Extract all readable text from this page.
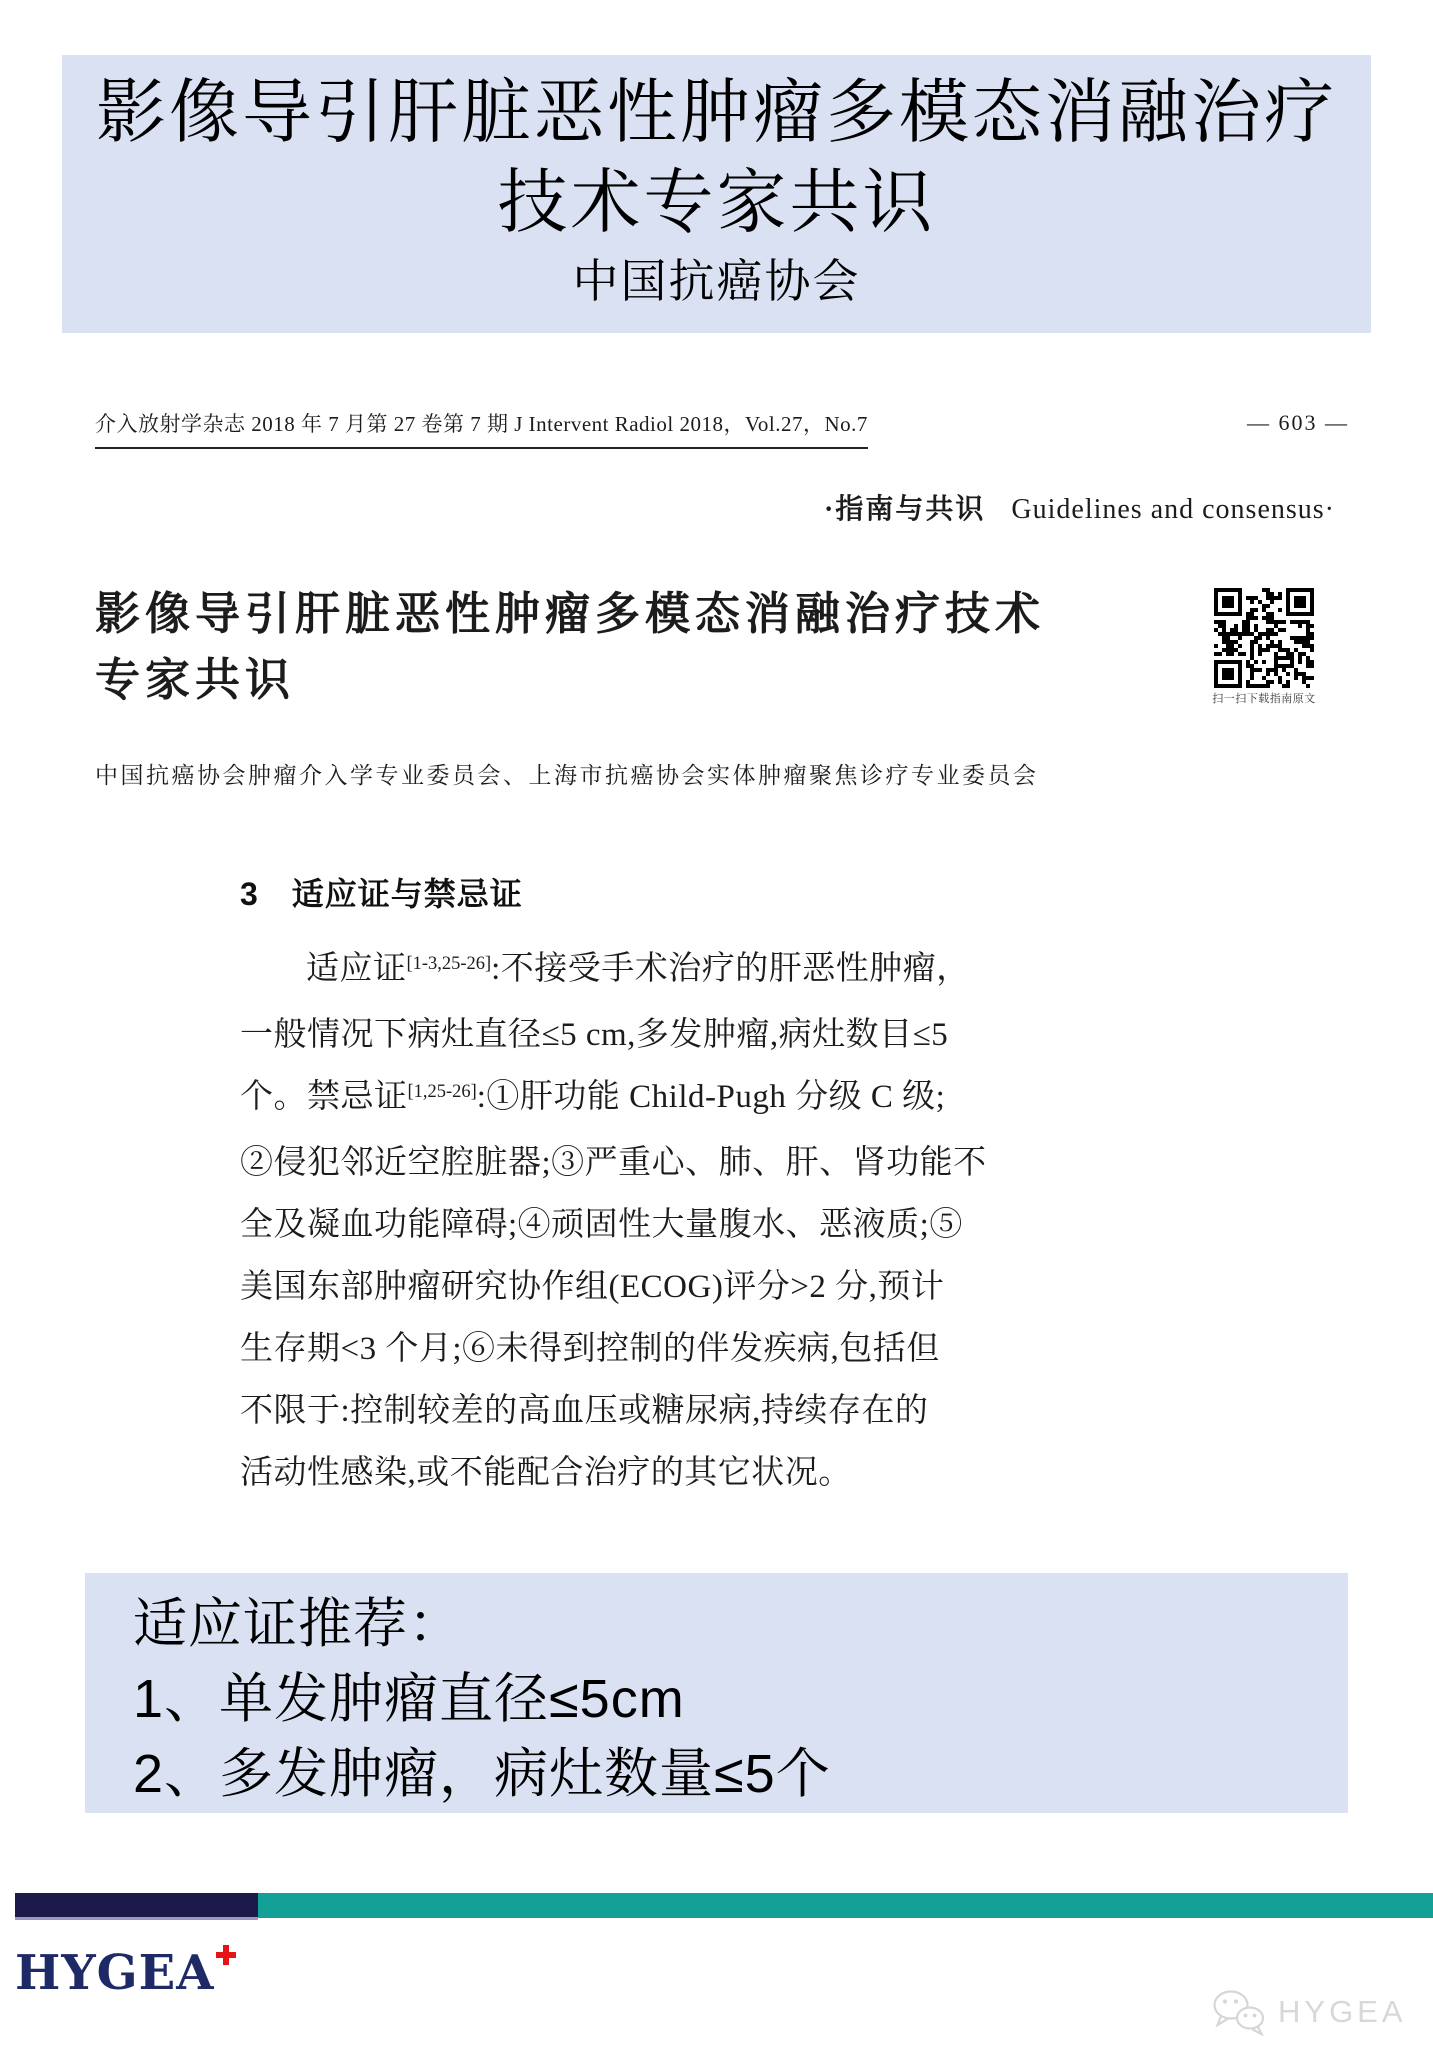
影像导引肝脏恶性肿瘤多模态消融治疗
技术专家共识
中国抗癌协会
介入放射学杂志 2018 年 7 月第 27 卷第 7 期 J Intervent Radiol 2018，Vol.27，No.7	— 603 —
·指南与共识 Guidelines and consensus·
影像导引肝脏恶性肿瘤多模态消融治疗技术
专家共识	扫一扫下载指南原文
中国抗癌协会肿瘤介入学专业委员会、上海市抗癌协会实体肿瘤聚焦诊疗专业委员会
3　适应证与禁忌证
适应证[1-3,25-26]:不接受手术治疗的肝恶性肿瘤，
一般情况下病灶直径≤5 cm,多发肿瘤,病灶数目≤5
个。禁忌证[1,25-26]:①肝功能 Child-Pugh 分级 C 级;
②侵犯邻近空腔脏器;③严重心、肺、肝、肾功能不
全及凝血功能障碍;④顽固性大量腹水、恶液质;⑤
美国东部肿瘤研究协作组(ECOG)评分>2 分,预计
生存期<3 个月;⑥未得到控制的伴发疾病,包括但
不限于:控制较差的高血压或糖尿病,持续存在的
活动性感染,或不能配合治疗的其它状况。
适应证推荐：
1、单发肿瘤直径≤5cm
2、多发肿瘤，病灶数量≤5个
HYGEA
HYGEA
